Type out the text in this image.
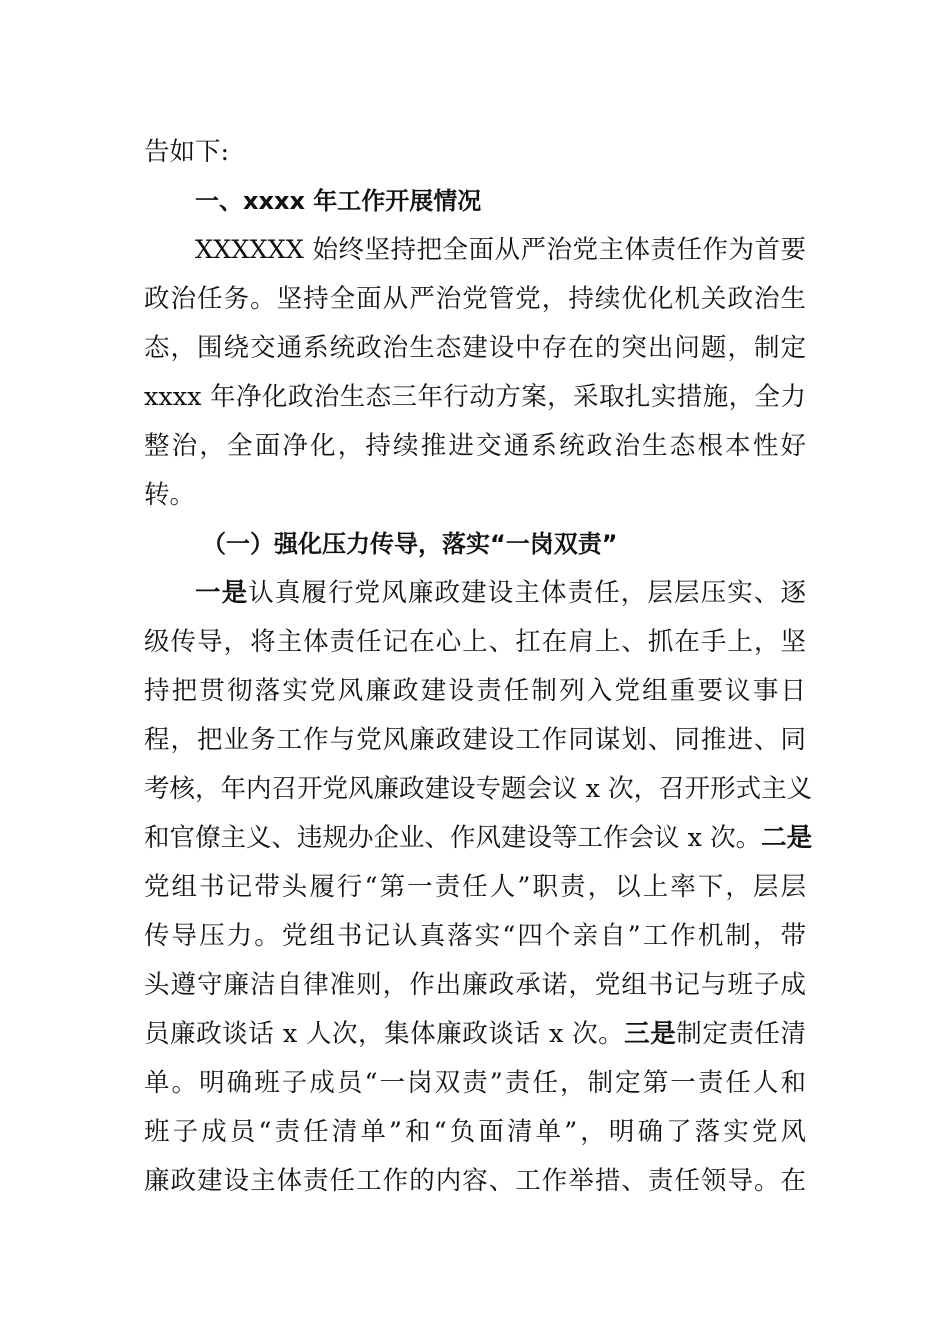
告如下:
一、xxxx 年工作开展情况
XXXXXX 始终坚持把全面从严治党主体责任作为首要
政治任务。坚持全面从严治党管党，持续优化机关政治生
态，围绕交通系统政治生态建设中存在的突出问题，制定
xxxx 年净化政治生态三年行动方案，采取扎实措施，全力
整治，全面净化，持续推进交通系统政治生态根本性好
转。
（一）强化压力传导，落实“一岗双责”
一是认真履行党风廉政建设主体责任，层层压实、逐
级传导，将主体责任记在心上、扛在肩上、抓在手上，坚
持把贯彻落实党风廉政建设责任制列入党组重要议事日
程，把业务工作与党风廉政建设工作同谋划、同推进、同
考核，年内召开党风廉政建设专题会议 x 次，召开形式主义
和官僚主义、违规办企业、作风建设等工作会议 x 次。二是
党组书记带头履行“第一责任人”职责，以上率下，层层
传导压力。党组书记认真落实“四个亲自”工作机制，带
头遵守廉洁自律准则，作出廉政承诺，党组书记与班子成
员廉政谈话 x 人次，集体廉政谈话 x 次。三是制定责任清
单。明确班子成员“一岗双责”责任，制定第一责任人和
班子成员“责任清单”和“负面清单”，明确了落实党风
廉政建设主体责任工作的内容、工作举措、责任领导。在
